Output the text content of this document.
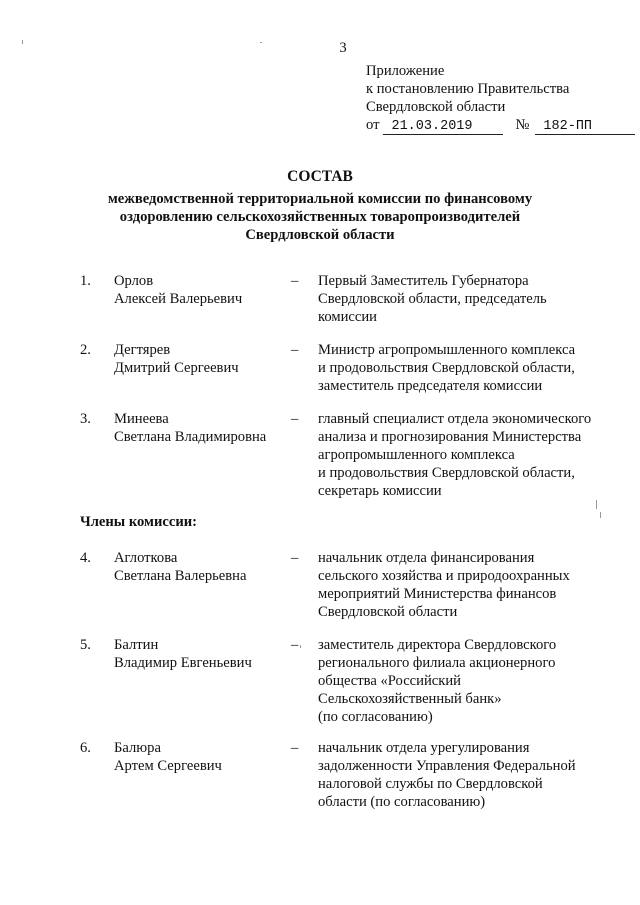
3
Приложение
к постановлению Правительства
Свердловской области
от 21.03.2019	№	182-ПП
СОСТАВ
межведомственной территориальной комиссии по финансовому
оздоровлению сельскохозяйственных товаропроизводителей
Свердловской области
1. Орлов
Алексей Валерьевич
– Первый Заместитель Губернатора
Свердловской области, председатель
комиссии
2. Дегтярев
Дмитрий Сергеевич
– Министр агропромышленного комплекса
и продовольствия Свердловской области,
заместитель председателя комиссии
3. Минеева
Светлана Владимировна
– главный специалист отдела экономического
анализа и прогнозирования Министерства
агропромышленного комплекса
и продовольствия Свердловской области,
секретарь комиссии
Члены комиссии:
4. Аглоткова
Светлана Валерьевна
– начальник отдела финансирования
сельского хозяйства и природоохранных
мероприятий Министерства финансов
Свердловской области
5. Балтин
Владимир Евгеньевич
– заместитель директора Свердловского
регионального филиала акционерного
общества «Российский
Сельскохозяйственный банк»
(по согласованию)
6. Балюра
Артем Сергеевич
– начальник отдела урегулирования
задолженности Управления Федеральной
налоговой службы по Свердловской
области (по согласованию)
